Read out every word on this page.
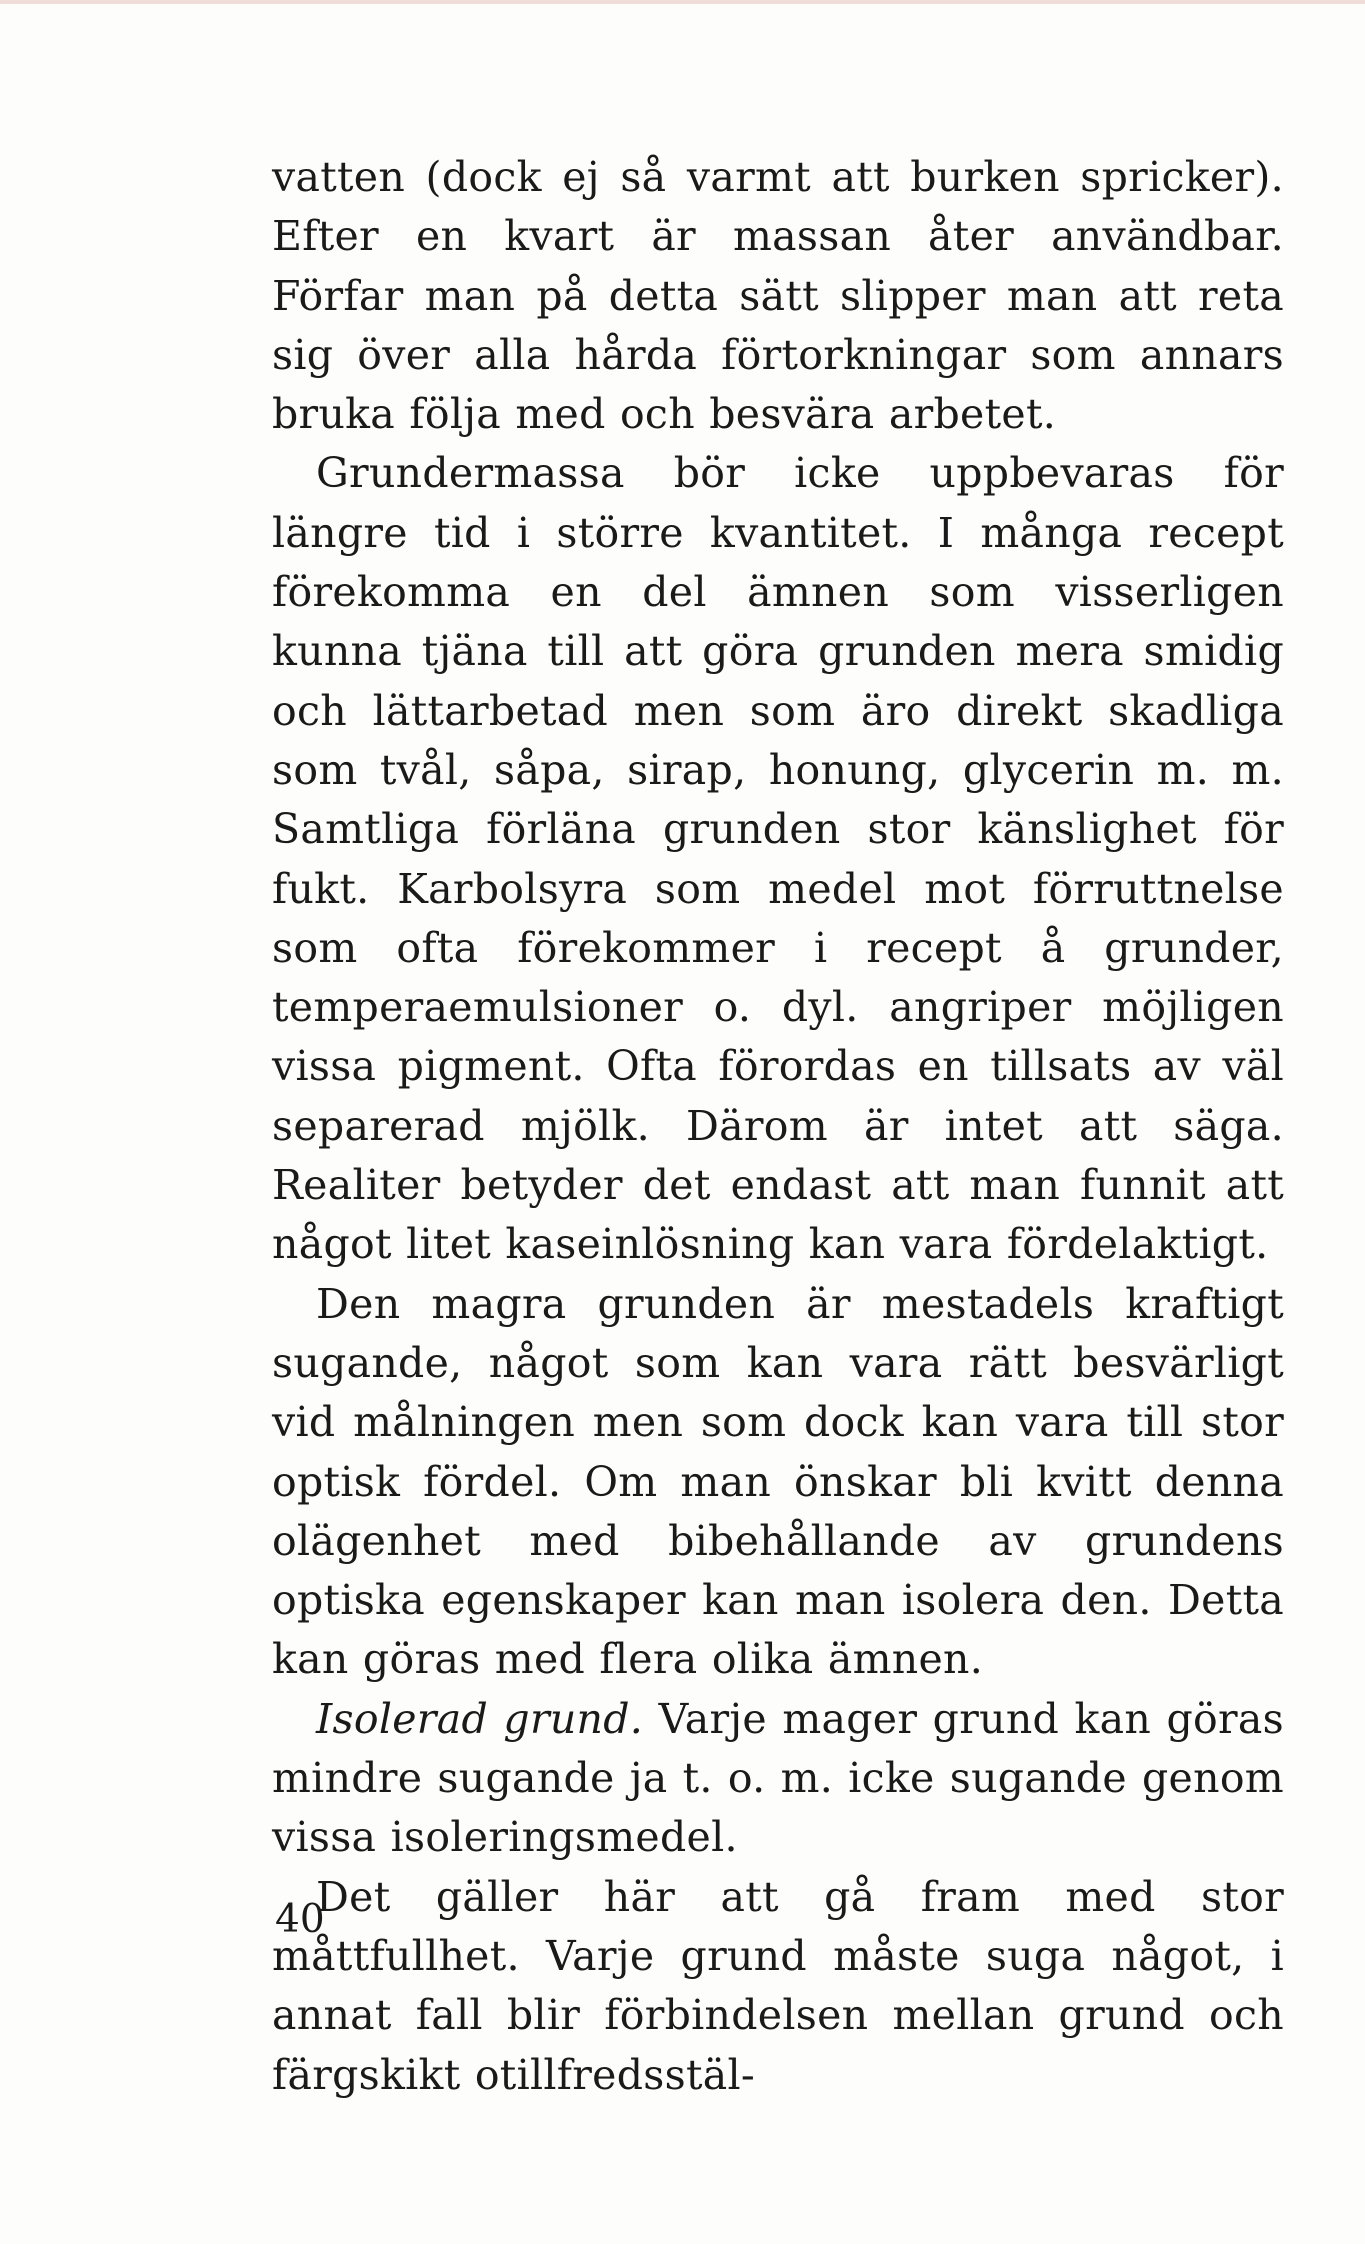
vatten (dock ej så varmt att burken spricker). Efter en kvart är massan åter användbar. Förfar man på detta sätt slipper man att reta sig över alla hårda förtorkningar som annars bruka följa med och besvära arbetet.

Grundermassa bör icke uppbevaras för längre tid i större kvantitet. I många recept förekomma en del ämnen som visserligen kunna tjäna till att göra grunden mera smidig och lättarbetad men som äro direkt skadliga som tvål, såpa, sirap, honung, glycerin m. m. Samtliga förläna grunden stor känslighet för fukt. Karbolsyra som medel mot förruttnelse som ofta förekommer i recept å grunder, temperaemulsioner o. dyl. angriper möjligen vissa pigment. Ofta förordas en tillsats av väl separerad mjölk. Därom är intet att säga. Realiter betyder det endast att man funnit att något litet kaseinlösning kan vara fördelaktigt.

Den magra grunden är mestadels kraftigt sugande, något som kan vara rätt besvärligt vid målningen men som dock kan vara till stor optisk fördel. Om man önskar bli kvitt denna olägenhet med bibehållande av grundens optiska egenskaper kan man isolera den. Detta kan göras med flera olika ämnen.

Isolerad grund. Varje mager grund kan göras mindre sugande ja t. o. m. icke sugande genom vissa isoleringsmedel.

Det gäller här att gå fram med stor måttfullhet. Varje grund måste suga något, i annat fall blir förbindelsen mellan grund och färgskikt otillfredsstäl-

40
